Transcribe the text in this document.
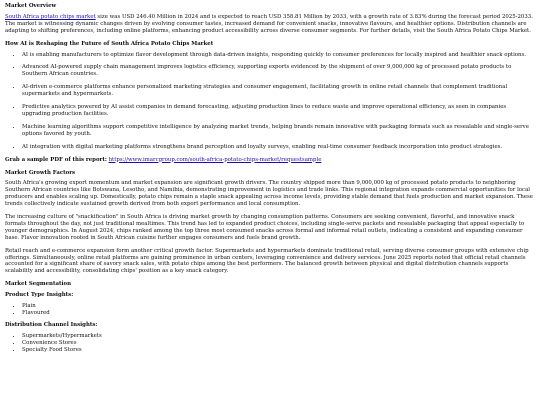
Market Overview

South Africa potato chips market size was USD 246.40 Million in 2024 and is expected to reach USD 358.81 Million by 2033, with a growth rate of 3.83% during the forecast period 2025-2033. The market is witnessing dynamic changes driven by evolving consumer tastes, increased demand for convenient snacks, innovative flavours, and healthier options. Distribution channels are adapting to shifting preferences, including online platforms, enhancing product accessibility across diverse consumer segments. For further details, visit the South Africa Potato Chips Market.

How AI is Reshaping the Future of South Africa Potato Chips Market
• AI is enabling manufacturers to optimize flavor development through data-driven insights, responding quickly to consumer preferences for locally inspired and healthier snack options.
• Advanced AI-powered supply chain management improves logistics efficiency, supporting exports evidenced by the shipment of over 9,000,000 kg of processed potato products to Southern African countries.
• AI-driven e-commerce platforms enhance personalized marketing strategies and consumer engagement, facilitating growth in online retail channels that complement traditional supermarkets and hypermarkets.
• Predictive analytics powered by AI assist companies in demand forecasting, adjusting production lines to reduce waste and improve operational efficiency, as seen in companies upgrading production facilities.
• Machine learning algorithms support competitive intelligence by analyzing market trends, helping brands remain innovative with packaging formats such as resealable and single-serve options favored by youth.
• AI integration with digital marketing platforms strengthens brand perception and loyalty surveys, enabling real-time consumer feedback incorporation into product strategies.

Grab a sample PDF of this report: https://www.imarcgroup.com/south-africa-potato-chips-market/requestsample

Market Growth Factors

South Africa's growing export momentum and market expansion are significant growth drivers. The country shipped more than 9,000,000 kg of processed potato products to neighboring Southern African countries like Botswana, Lesotho, and Namibia, demonstrating improvement in logistics and trade links. This regional integration expands commercial opportunities for local producers and enables scaling up. Domestically, potato chips remain a staple snack appealing across income levels, providing stable demand that fuels production and market expansion. These trends collectively indicate sustained growth derived from both export performance and local consumption.

The increasing culture of "snackification" in South Africa is driving market growth by changing consumption patterns. Consumers are seeking convenient, flavorful, and innovative snack formats throughout the day, not just traditional mealtimes. This trend has led to expanded product choices, including single-serve packets and resealable packaging that appeal especially to younger demographics. In August 2024, chips ranked among the top three most consumed snacks across formal and informal retail outlets, indicating a consistent and expanding consumer base. Flavor innovation rooted in South African cuisine further engages consumers and fuels brand growth.

Retail reach and e-commerce expansion form another critical growth factor. Supermarkets and hypermarkets dominate traditional retail, serving diverse consumer groups with extensive chip offerings. Simultaneously, online retail platforms are gaining prominence in urban centers, leveraging convenience and delivery services. June 2025 reports noted that official retail channels accounted for a significant share of savory snack sales, with potato chips among the best performers. The balanced growth between physical and digital distribution channels supports scalability and accessibility, consolidating chips' position as a key snack category.

Market Segmentation
Product Type Insights:
• Plain
• Flavoured
Distribution Channel Insights:
• Supermarkets/Hypermarkets
• Convenience Stores
• Specialty Food Stores
